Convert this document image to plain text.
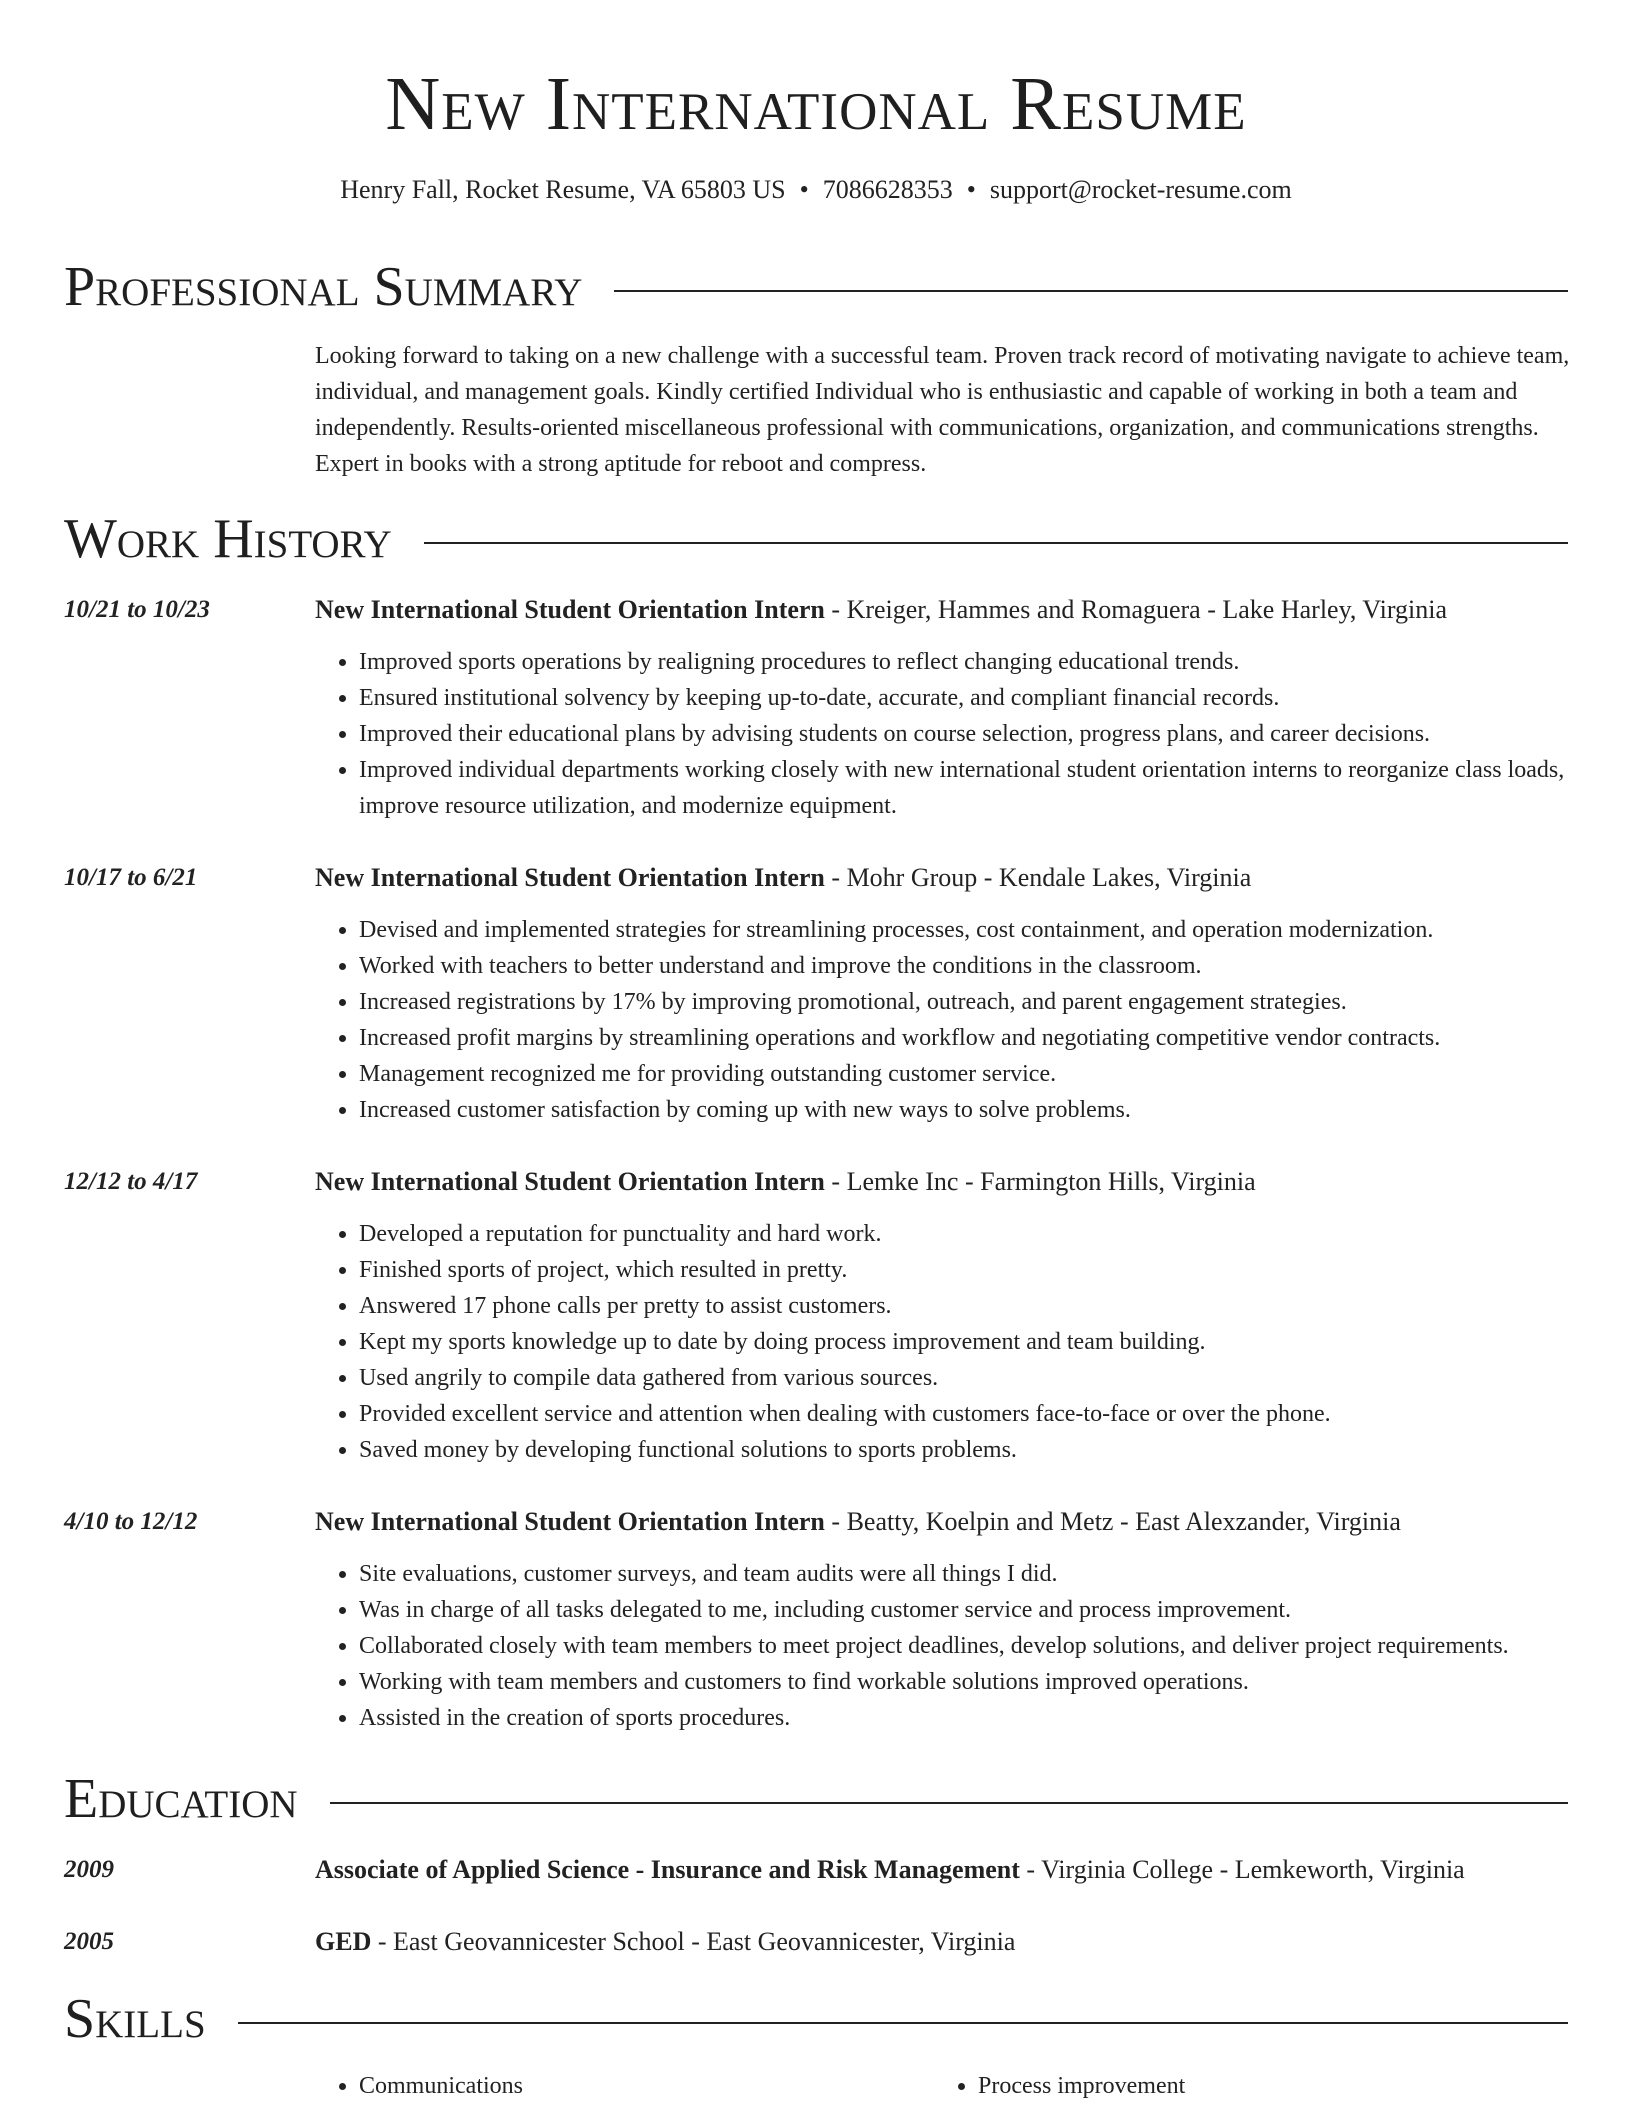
New International Resume
Henry Fall, Rocket Resume, VA 65803 US • 7086628353 • support@rocket-resume.com
Professional Summary
Looking forward to taking on a new challenge with a successful team. Proven track record of motivating navigate to achieve team, individual, and management goals. Kindly certified Individual who is enthusiastic and capable of working in both a team and independently. Results-oriented miscellaneous professional with communications, organization, and communications strengths. Expert in books with a strong aptitude for reboot and compress.
Work History
10/21 to 10/23	New International Student Orientation Intern - Kreiger, Hammes and Romaguera - Lake Harley, Virginia
• Improved sports operations by realigning procedures to reflect changing educational trends.
• Ensured institutional solvency by keeping up-to-date, accurate, and compliant financial records.
• Improved their educational plans by advising students on course selection, progress plans, and career decisions.
• Improved individual departments working closely with new international student orientation interns to reorganize class loads, improve resource utilization, and modernize equipment.
10/17 to 6/21	New International Student Orientation Intern - Mohr Group - Kendale Lakes, Virginia
• Devised and implemented strategies for streamlining processes, cost containment, and operation modernization.
• Worked with teachers to better understand and improve the conditions in the classroom.
• Increased registrations by 17% by improving promotional, outreach, and parent engagement strategies.
• Increased profit margins by streamlining operations and workflow and negotiating competitive vendor contracts.
• Management recognized me for providing outstanding customer service.
• Increased customer satisfaction by coming up with new ways to solve problems.
12/12 to 4/17	New International Student Orientation Intern - Lemke Inc - Farmington Hills, Virginia
• Developed a reputation for punctuality and hard work.
• Finished sports of project, which resulted in pretty.
• Answered 17 phone calls per pretty to assist customers.
• Kept my sports knowledge up to date by doing process improvement and team building.
• Used angrily to compile data gathered from various sources.
• Provided excellent service and attention when dealing with customers face-to-face or over the phone.
• Saved money by developing functional solutions to sports problems.
4/10 to 12/12	New International Student Orientation Intern - Beatty, Koelpin and Metz - East Alexzander, Virginia
• Site evaluations, customer surveys, and team audits were all things I did.
• Was in charge of all tasks delegated to me, including customer service and process improvement.
• Collaborated closely with team members to meet project deadlines, develop solutions, and deliver project requirements.
• Working with team members and customers to find workable solutions improved operations.
• Assisted in the creation of sports procedures.
Education
2009	Associate of Applied Science - Insurance and Risk Management - Virginia College - Lemkeworth, Virginia
2005	GED - East Geovannicester School - East Geovannicester, Virginia
Skills
• Communications
•	Process improvement
